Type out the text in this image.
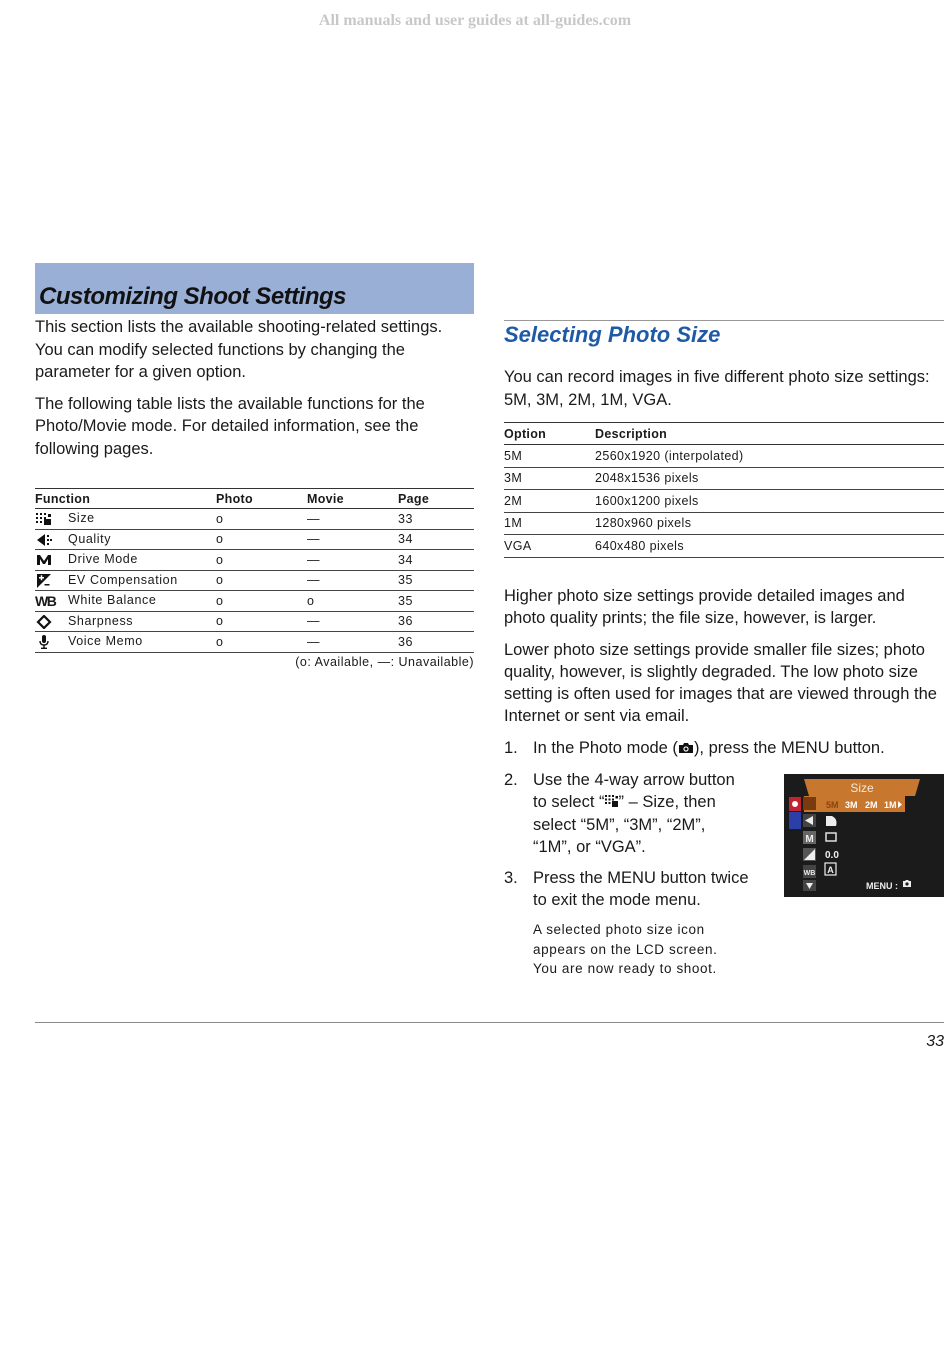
All manuals and user guides at all-guides.com
Customizing Shoot Settings

This section lists the available shooting-related settings. You can modify selected functions by changing the parameter for a given option.

The following table lists the available functions for the Photo/Movie mode. For detailed information, see the following pages.

Function	Photo	Movie	Page
Size	o	—	33
Quality	o	—	34
Drive Mode	o	—	34
EV Compensation	o	—	35
WB White Balance	o	o	35
Sharpness	o	—	36
Voice Memo	o	—	36
(o: Available, —: Unavailable)
Selecting Photo Size

You can record images in five different photo size settings: 5M, 3M, 2M, 1M, VGA.

Option	Description
5M	2560x1920 (interpolated)
3M	2048x1536 pixels
2M	1600x1200 pixels
1M	1280x960 pixels
VGA	640x480 pixels

Higher photo size settings provide detailed images and photo quality prints; the file size, however, is larger.

Lower photo size settings provide smaller file sizes; photo quality, however, is slightly degraded. The low photo size setting is often used for images that are viewed through the Internet or sent via email.

1. In the Photo mode ( ), press the MENU button.
2. Use the 4-way arrow button
to select “ ” – Size, then
select “5M”, “3M”, “2M”,
“1M”, or “VGA”.
3. Press the MENU button twice
to exit the mode menu.
A selected photo size icon
appears on the LCD screen.
You are now ready to shoot.
Size
5M 3M 2M 1M
M
WB
0.0
A
MENU :
33
